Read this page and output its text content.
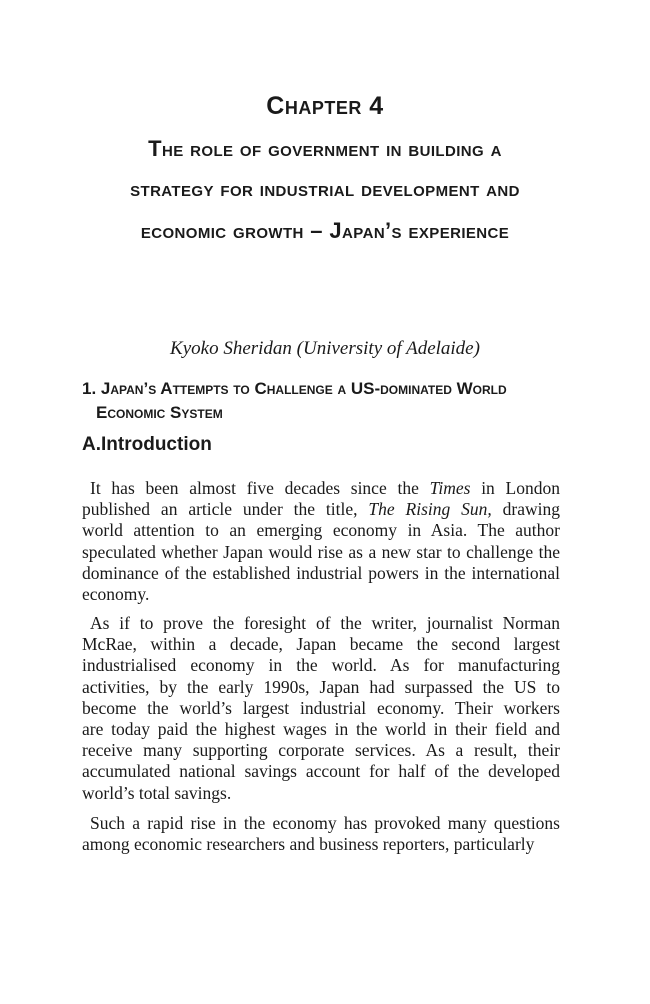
Chapter 4
The role of government in building a
strategy for industrial development and
economic growth – Japan’s experience
Kyoko Sheridan (University of Adelaide)
1. Japan’s Attempts to Challenge a US-dominated World
Economic System
A.Introduction
It has been almost five decades since the Times in London
published an article under the title, The Rising Sun, drawing
world attention to an emerging economy in Asia. The author
speculated whether Japan would rise as a new star to challenge the
dominance of the established industrial powers in the international
economy.
As if to prove the foresight of the writer, journalist Norman
McRae, within a decade, Japan became the second largest
industrialised economy in the world. As for manufacturing
activities, by the early 1990s, Japan had surpassed the US to
become the world’s largest industrial economy. Their workers
are today paid the highest wages in the world in their field and
receive many supporting corporate services. As a result, their
accumulated national savings account for half of the developed
world’s total savings.
Such a rapid rise in the economy has provoked many questions
among economic researchers and business reporters, particularly
